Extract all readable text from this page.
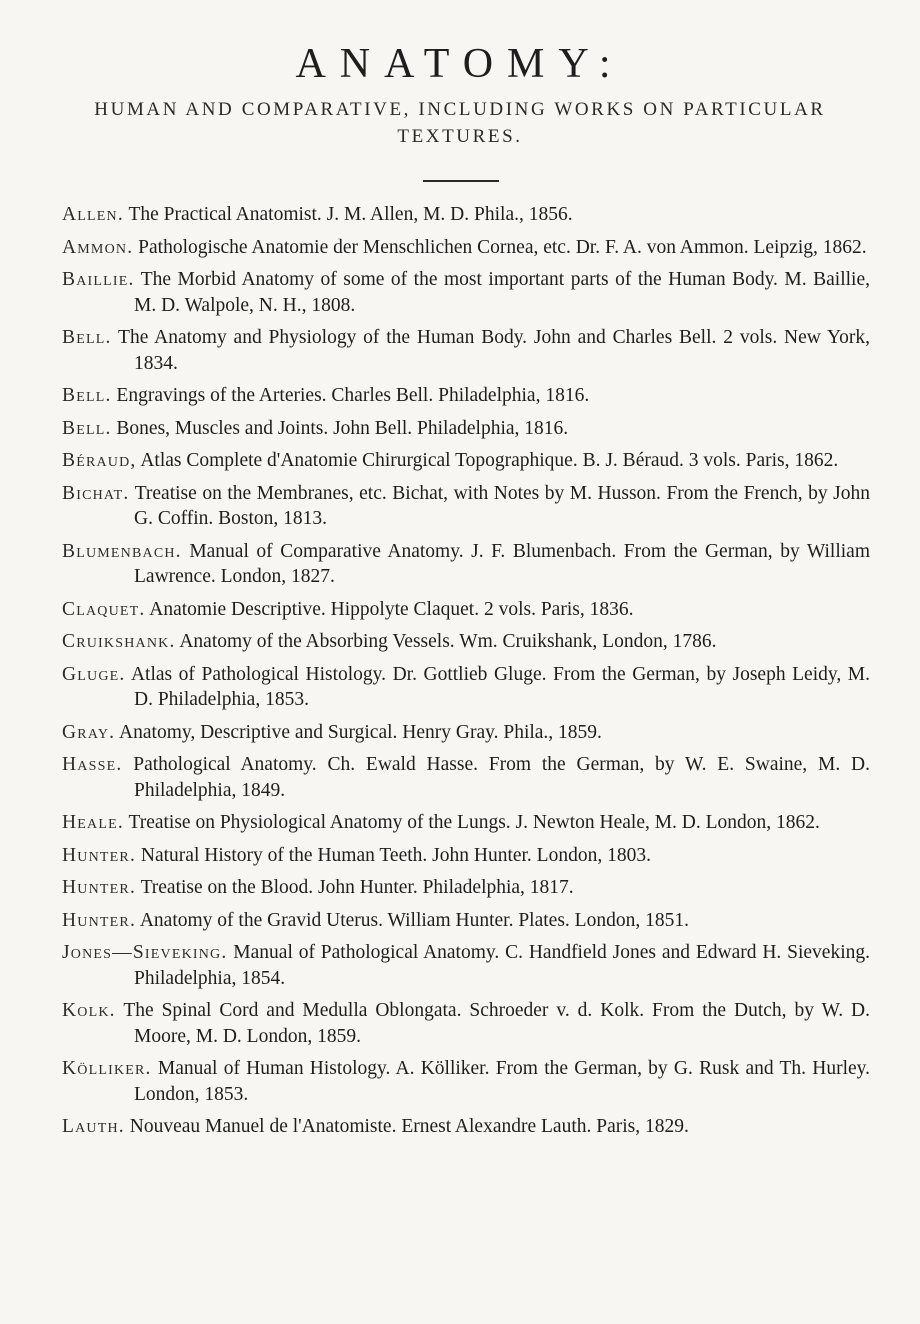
ANATOMY:
HUMAN AND COMPARATIVE, INCLUDING WORKS ON PARTICULAR TEXTURES.
Allen. The Practical Anatomist. J. M. Allen, M. D. Phila., 1856.
Ammon. Pathologische Anatomie der Menschlichen Cornea, etc. Dr. F. A. von Ammon. Leipzig, 1862.
Baillie. The Morbid Anatomy of some of the most important parts of the Human Body. M. Baillie, M. D. Walpole, N. H., 1808.
Bell. The Anatomy and Physiology of the Human Body. John and Charles Bell. 2 vols. New York, 1834.
Bell. Engravings of the Arteries. Charles Bell. Philadelphia, 1816.
Bell. Bones, Muscles and Joints. John Bell. Philadelphia, 1816.
Béraud, Atlas Complete d'Anatomie Chirurgical Topographique. B. J. Béraud. 3 vols. Paris, 1862.
Bichat. Treatise on the Membranes, etc. Bichat, with Notes by M. Husson. From the French, by John G. Coffin. Boston, 1813.
Blumenbach. Manual of Comparative Anatomy. J. F. Blumenbach. From the German, by William Lawrence. London, 1827.
Claquet. Anatomie Descriptive. Hippolyte Claquet. 2 vols. Paris, 1836.
Cruikshank. Anatomy of the Absorbing Vessels. Wm. Cruikshank, London, 1786.
Gluge. Atlas of Pathological Histology. Dr. Gottlieb Gluge. From the German, by Joseph Leidy, M. D. Philadelphia, 1853.
Gray. Anatomy, Descriptive and Surgical. Henry Gray. Phila., 1859.
Hasse. Pathological Anatomy. Ch. Ewald Hasse. From the German, by W. E. Swaine, M. D. Philadelphia, 1849.
Heale. Treatise on Physiological Anatomy of the Lungs. J. Newton Heale, M. D. London, 1862.
Hunter. Natural History of the Human Teeth. John Hunter. London, 1803.
Hunter. Treatise on the Blood. John Hunter. Philadelphia, 1817.
Hunter. Anatomy of the Gravid Uterus. William Hunter. Plates. London, 1851.
Jones—Sieveking. Manual of Pathological Anatomy. C. Handfield Jones and Edward H. Sieveking. Philadelphia, 1854.
Kolk. The Spinal Cord and Medulla Oblongata. Schroeder v. d. Kolk. From the Dutch, by W. D. Moore, M. D. London, 1859.
Kölliker. Manual of Human Histology. A. Kölliker. From the German, by G. Rusk and Th. Hurley. London, 1853.
Lauth. Nouveau Manuel de l'Anatomiste. Ernest Alexandre Lauth. Paris, 1829.
